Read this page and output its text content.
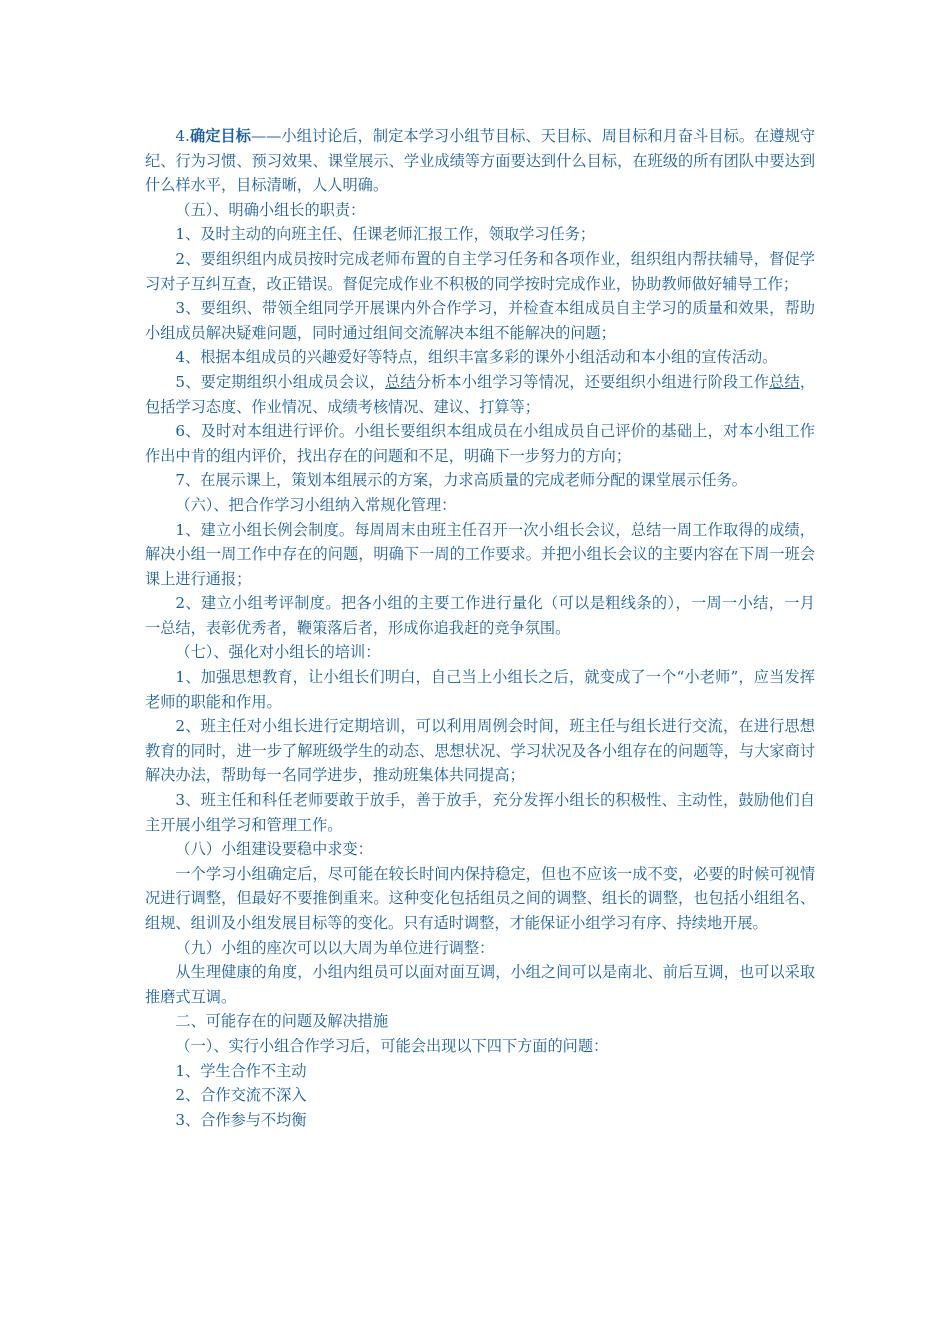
4.确定目标——小组讨论后，制定本学习小组节目标、天目标、周目标和月奋斗目标。在遵规守纪、行为习惯、预习效果、课堂展示、学业成绩等方面要达到什么目标，在班级的所有团队中要达到什么样水平，目标清晰，人人明确。

（五）、明确小组长的职责：

1、及时主动的向班主任、任课老师汇报工作，领取学习任务；

2、要组织组内成员按时完成老师布置的自主学习任务和各项作业，组织组内帮扶辅导，督促学习对子互纠互查，改正错误。督促完成作业不积极的同学按时完成作业，协助教师做好辅导工作；

3、要组织、带领全组同学开展课内外合作学习，并检查本组成员自主学习的质量和效果，帮助小组成员解决疑难问题，同时通过组间交流解决本组不能解决的问题；

4、根据本组成员的兴趣爱好等特点，组织丰富多彩的课外小组活动和本小组的宣传活动。

5、要定期组织小组成员会议，总结分析本小组学习等情况，还要组织小组进行阶段工作总结，包括学习态度、作业情况、成绩考核情况、建议、打算等；

6、及时对本组进行评价。小组长要组织本组成员在小组成员自己评价的基础上，对本小组工作作出中肯的组内评价，找出存在的问题和不足，明确下一步努力的方向；

7、在展示课上，策划本组展示的方案，力求高质量的完成老师分配的课堂展示任务。

（六）、把合作学习小组纳入常规化管理：

1、建立小组长例会制度。每周周末由班主任召开一次小组长会议，总结一周工作取得的成绩，解决小组一周工作中存在的问题，明确下一周的工作要求。并把小组长会议的主要内容在下周一班会课上进行通报；

2、建立小组考评制度。把各小组的主要工作进行量化（可以是粗线条的），一周一小结，一月一总结，表彰优秀者，鞭策落后者，形成你追我赶的竞争氛围。

（七）、强化对小组长的培训：

1、加强思想教育，让小组长们明白，自己当上小组长之后，就变成了一个“小老师”，应当发挥老师的职能和作用。

2、班主任对小组长进行定期培训，可以利用周例会时间，班主任与组长进行交流，在进行思想教育的同时，进一步了解班级学生的动态、思想状况、学习状况及各小组存在的问题等，与大家商讨解决办法，帮助每一名同学进步，推动班集体共同提高；

3、班主任和科任老师要敢于放手，善于放手，充分发挥小组长的积极性、主动性，鼓励他们自主开展小组学习和管理工作。

（八）小组建设要稳中求变：

一个学习小组确定后，尽可能在较长时间内保持稳定，但也不应该一成不变，必要的时候可视情况进行调整，但最好不要推倒重来。这种变化包括组员之间的调整、组长的调整，也包括小组组名、组规、组训及小组发展目标等的变化。只有适时调整，才能保证小组学习有序、持续地开展。

（九）小组的座次可以以大周为单位进行调整：

从生理健康的角度，小组内组员可以面对面互调，小组之间可以是南北、前后互调，也可以采取推磨式互调。

二、可能存在的问题及解决措施

（一）、实行小组合作学习后，可能会出现以下四下方面的问题：

1、学生合作不主动

2、合作交流不深入

3、合作参与不均衡
